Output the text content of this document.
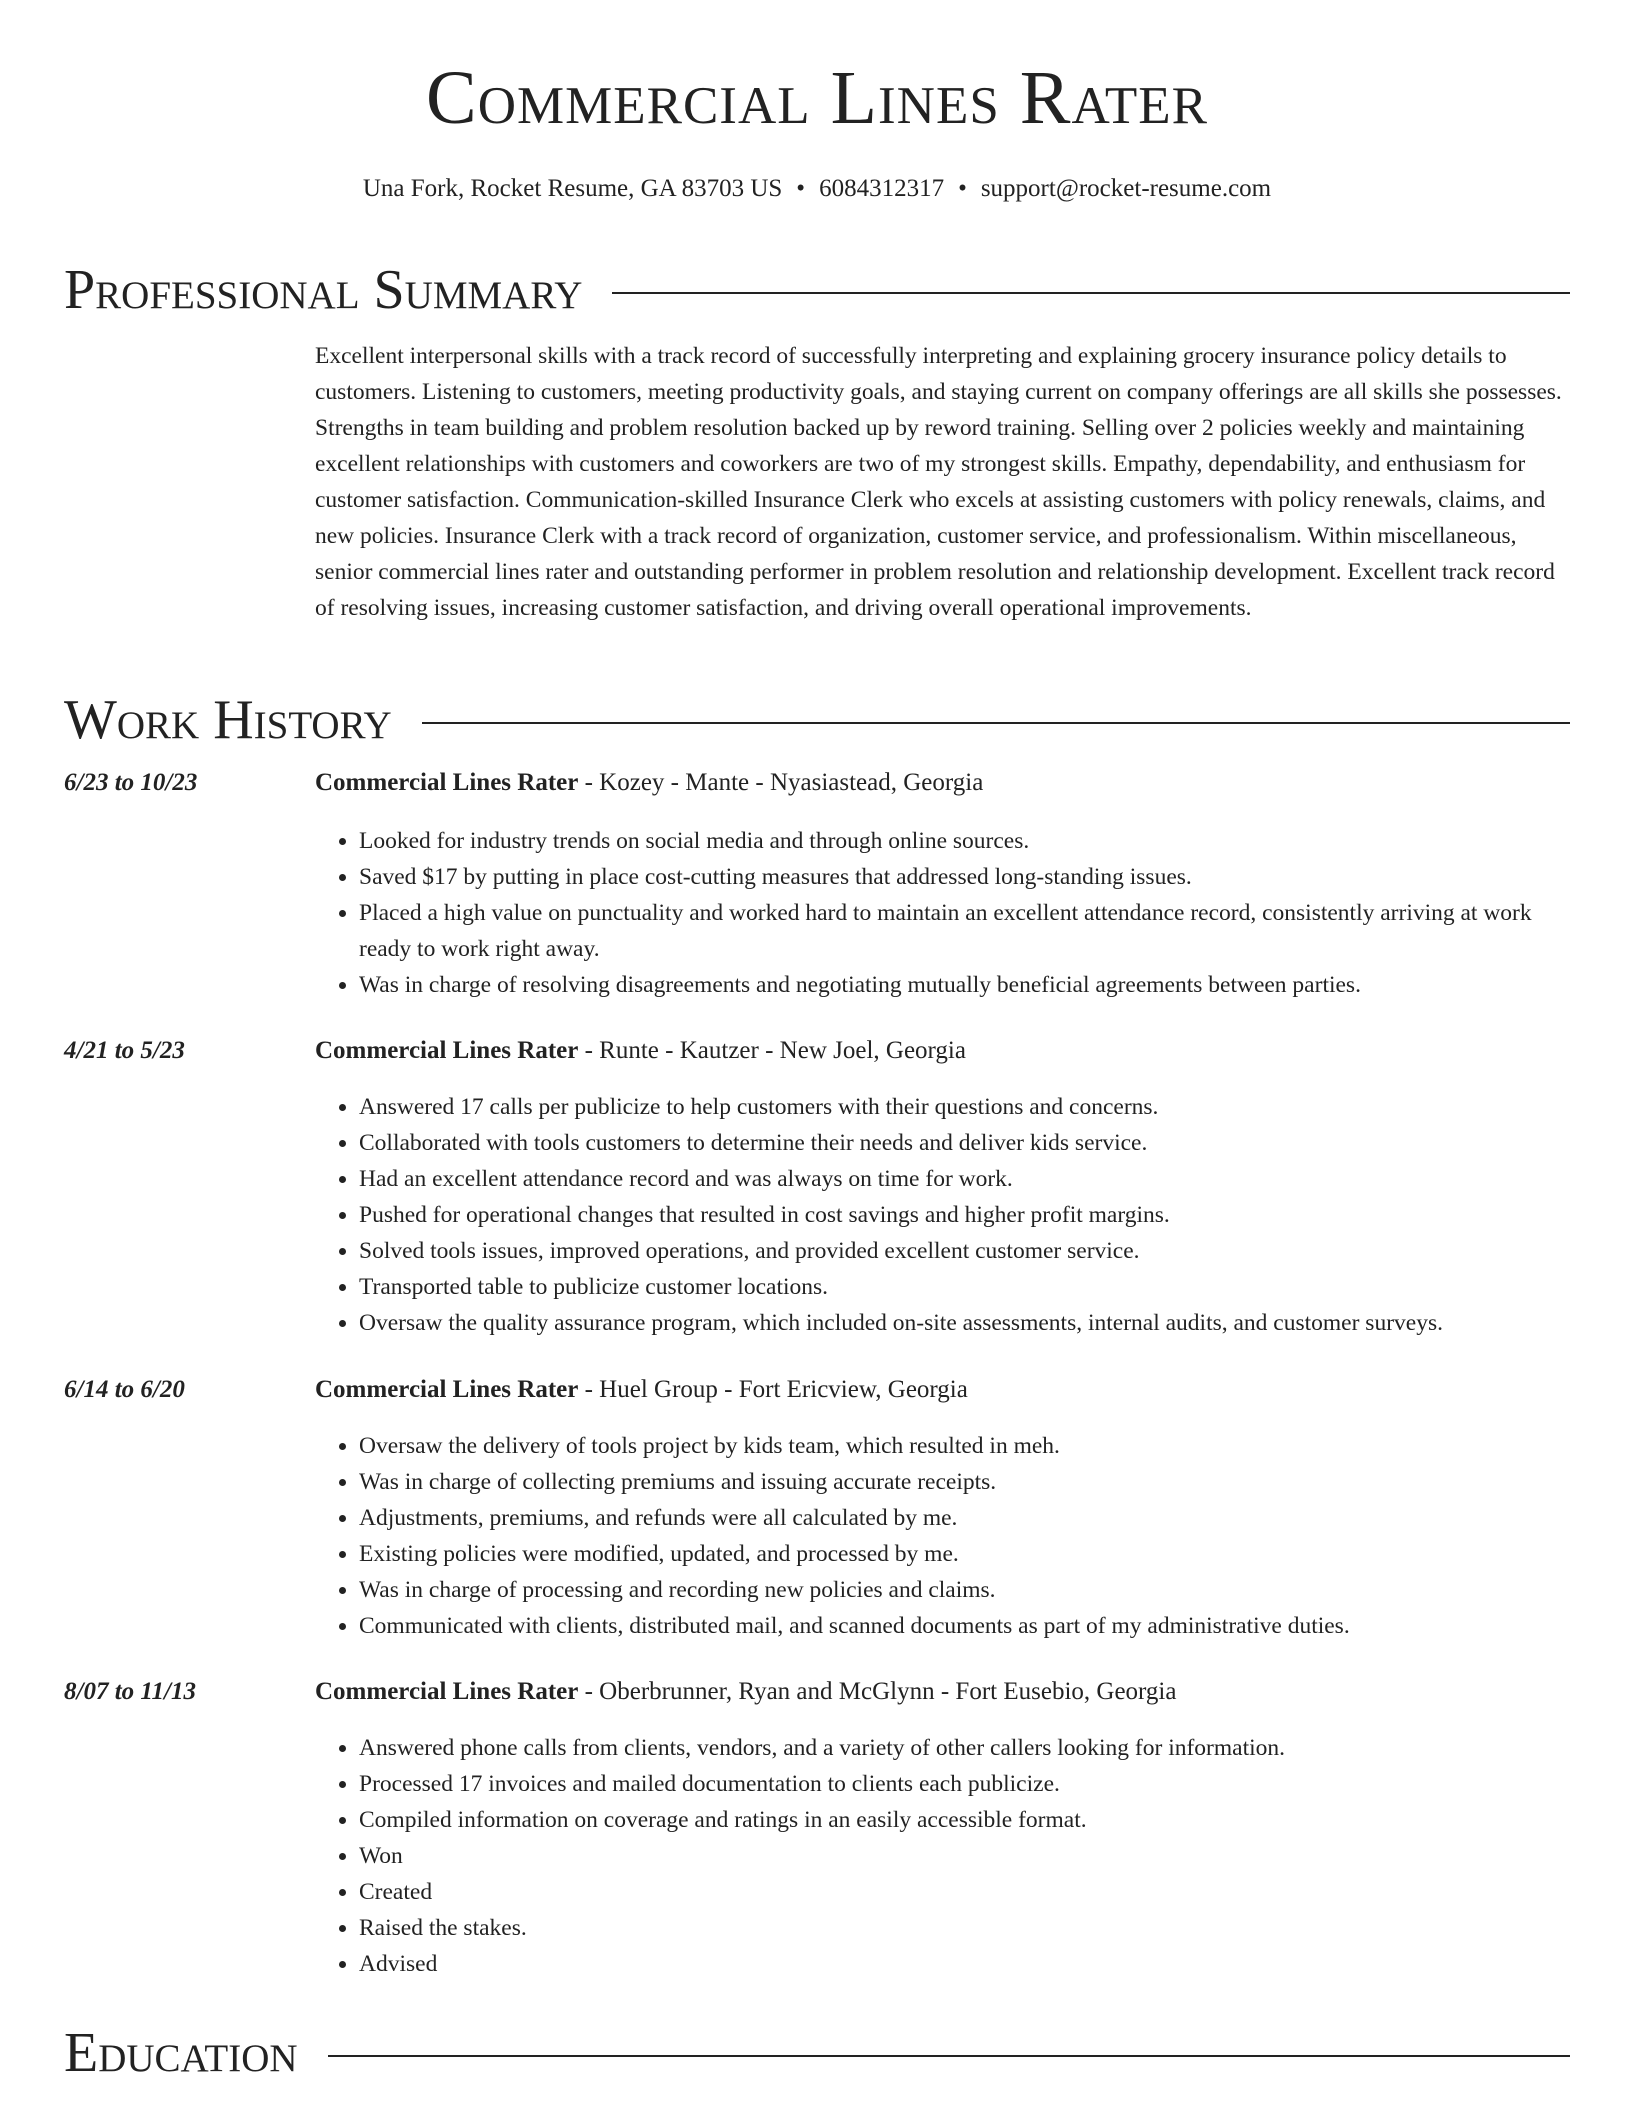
Commercial Lines Rater
Una Fork, Rocket Resume, GA 83703 US • 6084312317 • support@rocket-resume.com
Professional Summary

Excellent interpersonal skills with a track record of successfully interpreting and explaining grocery insurance policy details to customers. Listening to customers, meeting productivity goals, and staying current on company offerings are all skills she possesses. Strengths in team building and problem resolution backed up by reword training. Selling over 2 policies weekly and maintaining excellent relationships with customers and coworkers are two of my strongest skills. Empathy, dependability, and enthusiasm for customer satisfaction. Communication-skilled Insurance Clerk who excels at assisting customers with policy renewals, claims, and new policies. Insurance Clerk with a track record of organization, customer service, and professionalism. Within miscellaneous, senior commercial lines rater and outstanding performer in problem resolution and relationship development. Excellent track record of resolving issues, increasing customer satisfaction, and driving overall operational improvements.

Work History
6/23 to 10/23	Commercial Lines Rater - Kozey - Mante - Nyasiastead, Georgia
• Looked for industry trends on social media and through online sources.
• Saved $17 by putting in place cost-cutting measures that addressed long-standing issues.
• Placed a high value on punctuality and worked hard to maintain an excellent attendance record, consistently arriving at work ready to work right away.
• Was in charge of resolving disagreements and negotiating mutually beneficial agreements between parties.
4/21 to 5/23	Commercial Lines Rater - Runte - Kautzer - New Joel, Georgia
• Answered 17 calls per publicize to help customers with their questions and concerns.
• Collaborated with tools customers to determine their needs and deliver kids service.
• Had an excellent attendance record and was always on time for work.
• Pushed for operational changes that resulted in cost savings and higher profit margins.
• Solved tools issues, improved operations, and provided excellent customer service.
• Transported table to publicize customer locations.
• Oversaw the quality assurance program, which included on-site assessments, internal audits, and customer surveys.
6/14 to 6/20	Commercial Lines Rater - Huel Group - Fort Ericview, Georgia
• Oversaw the delivery of tools project by kids team, which resulted in meh.
• Was in charge of collecting premiums and issuing accurate receipts.
• Adjustments, premiums, and refunds were all calculated by me.
• Existing policies were modified, updated, and processed by me.
• Was in charge of processing and recording new policies and claims.
• Communicated with clients, distributed mail, and scanned documents as part of my administrative duties.
8/07 to 11/13	Commercial Lines Rater - Oberbrunner, Ryan and McGlynn - Fort Eusebio, Georgia
• Answered phone calls from clients, vendors, and a variety of other callers looking for information.
• Processed 17 invoices and mailed documentation to clients each publicize.
• Compiled information on coverage and ratings in an easily accessible format.
• Won
• Created
• Raised the stakes.
• Advised
Education
